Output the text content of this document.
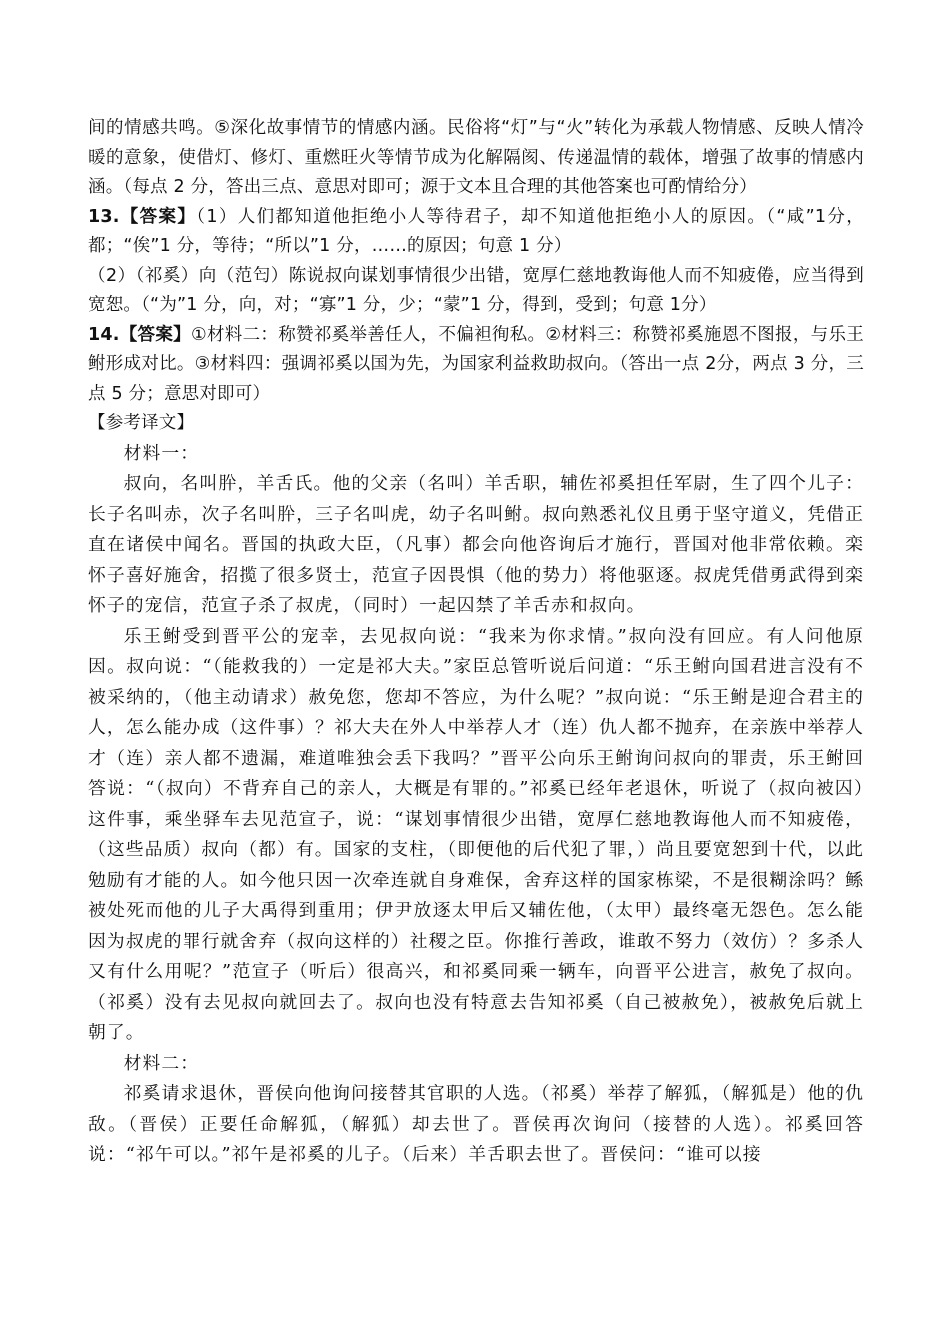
间的情感共鸣。⑤深化故事情节的情感内涵。民俗将“灯”与“火”转化为承载人物情感、反映人情冷暖的意象，使借灯、修灯、重燃旺火等情节成为化解隔阂、传递温情的载体，增强了故事的情感内涵。（每点 2 分，答出三点、意思对即可；源于文本且合理的其他答案也可酌情给分）

13.【答案】（1）人们都知道他拒绝小人等待君子，却不知道他拒绝小人的原因。（“咸”1分，都；“俟”1 分，等待；“所以”1 分，……的原因；句意 1 分）

（2）（祁奚）向（范匄）陈说叔向谋划事情很少出错，宽厚仁慈地教诲他人而不知疲倦，应当得到宽恕。（“为”1 分，向，对；“寡”1 分，少；“蒙”1 分，得到，受到；句意 1分）

14.【答案】①材料二：称赞祁奚举善任人，不偏袒徇私。②材料三：称赞祁奚施恩不图报，与乐王鲋形成对比。③材料四：强调祁奚以国为先，为国家利益救助叔向。（答出一点 2分，两点 3 分，三点 5 分；意思对即可）

【参考译文】

材料一：

叔向，名叫肸，羊舌氏。他的父亲（名叫）羊舌职，辅佐祁奚担任军尉，生了四个儿子：长子名叫赤，次子名叫肸，三子名叫虎，幼子名叫鲋。叔向熟悉礼仪且勇于坚守道义，凭借正直在诸侯中闻名。晋国的执政大臣，（凡事）都会向他咨询后才施行，晋国对他非常依赖。栾怀子喜好施舍，招揽了很多贤士，范宣子因畏惧（他的势力）将他驱逐。叔虎凭借勇武得到栾怀子的宠信，范宣子杀了叔虎，（同时）一起囚禁了羊舌赤和叔向。

乐王鲋受到晋平公的宠幸，去见叔向说：“我来为你求情。”叔向没有回应。有人问他原因。叔向说：“（能救我的）一定是祁大夫。”家臣总管听说后问道：“乐王鲋向国君进言没有不被采纳的，（他主动请求）赦免您，您却不答应，为什么呢？”叔向说：“乐王鲋是迎合君主的人，怎么能办成（这件事）？祁大夫在外人中举荐人才（连）仇人都不抛弃，在亲族中举荐人才（连）亲人都不遗漏，难道唯独会丢下我吗？”晋平公向乐王鲋询问叔向的罪责，乐王鲋回答说：“（叔向）不背弃自己的亲人，大概是有罪的。”祁奚已经年老退休，听说了（叔向被囚）这件事，乘坐驿车去见范宣子，说：“谋划事情很少出错，宽厚仁慈地教诲他人而不知疲倦，（这些品质）叔向（都）有。国家的支柱，（即便他的后代犯了罪，）尚且要宽恕到十代，以此勉励有才能的人。如今他只因一次牵连就自身难保，舍弃这样的国家栋梁，不是很糊涂吗？鲧被处死而他的儿子大禹得到重用；伊尹放逐太甲后又辅佐他，（太甲）最终毫无怨色。怎么能因为叔虎的罪行就舍弃（叔向这样的）社稷之臣。你推行善政，谁敢不努力（效仿）？多杀人又有什么用呢？”范宣子（听后）很高兴，和祁奚同乘一辆车，向晋平公进言，赦免了叔向。（祁奚）没有去见叔向就回去了。叔向也没有特意去告知祁奚（自己被赦免），被赦免后就上朝了。

材料二：

祁奚请求退休，晋侯向他询问接替其官职的人选。（祁奚）举荐了解狐，（解狐是）他的仇敌。（晋侯）正要任命解狐，（解狐）却去世了。晋侯再次询问（接替的人选）。祁奚回答说：“祁午可以。”祁午是祁奚的儿子。（后来）羊舌职去世了。晋侯问：“谁可以接
